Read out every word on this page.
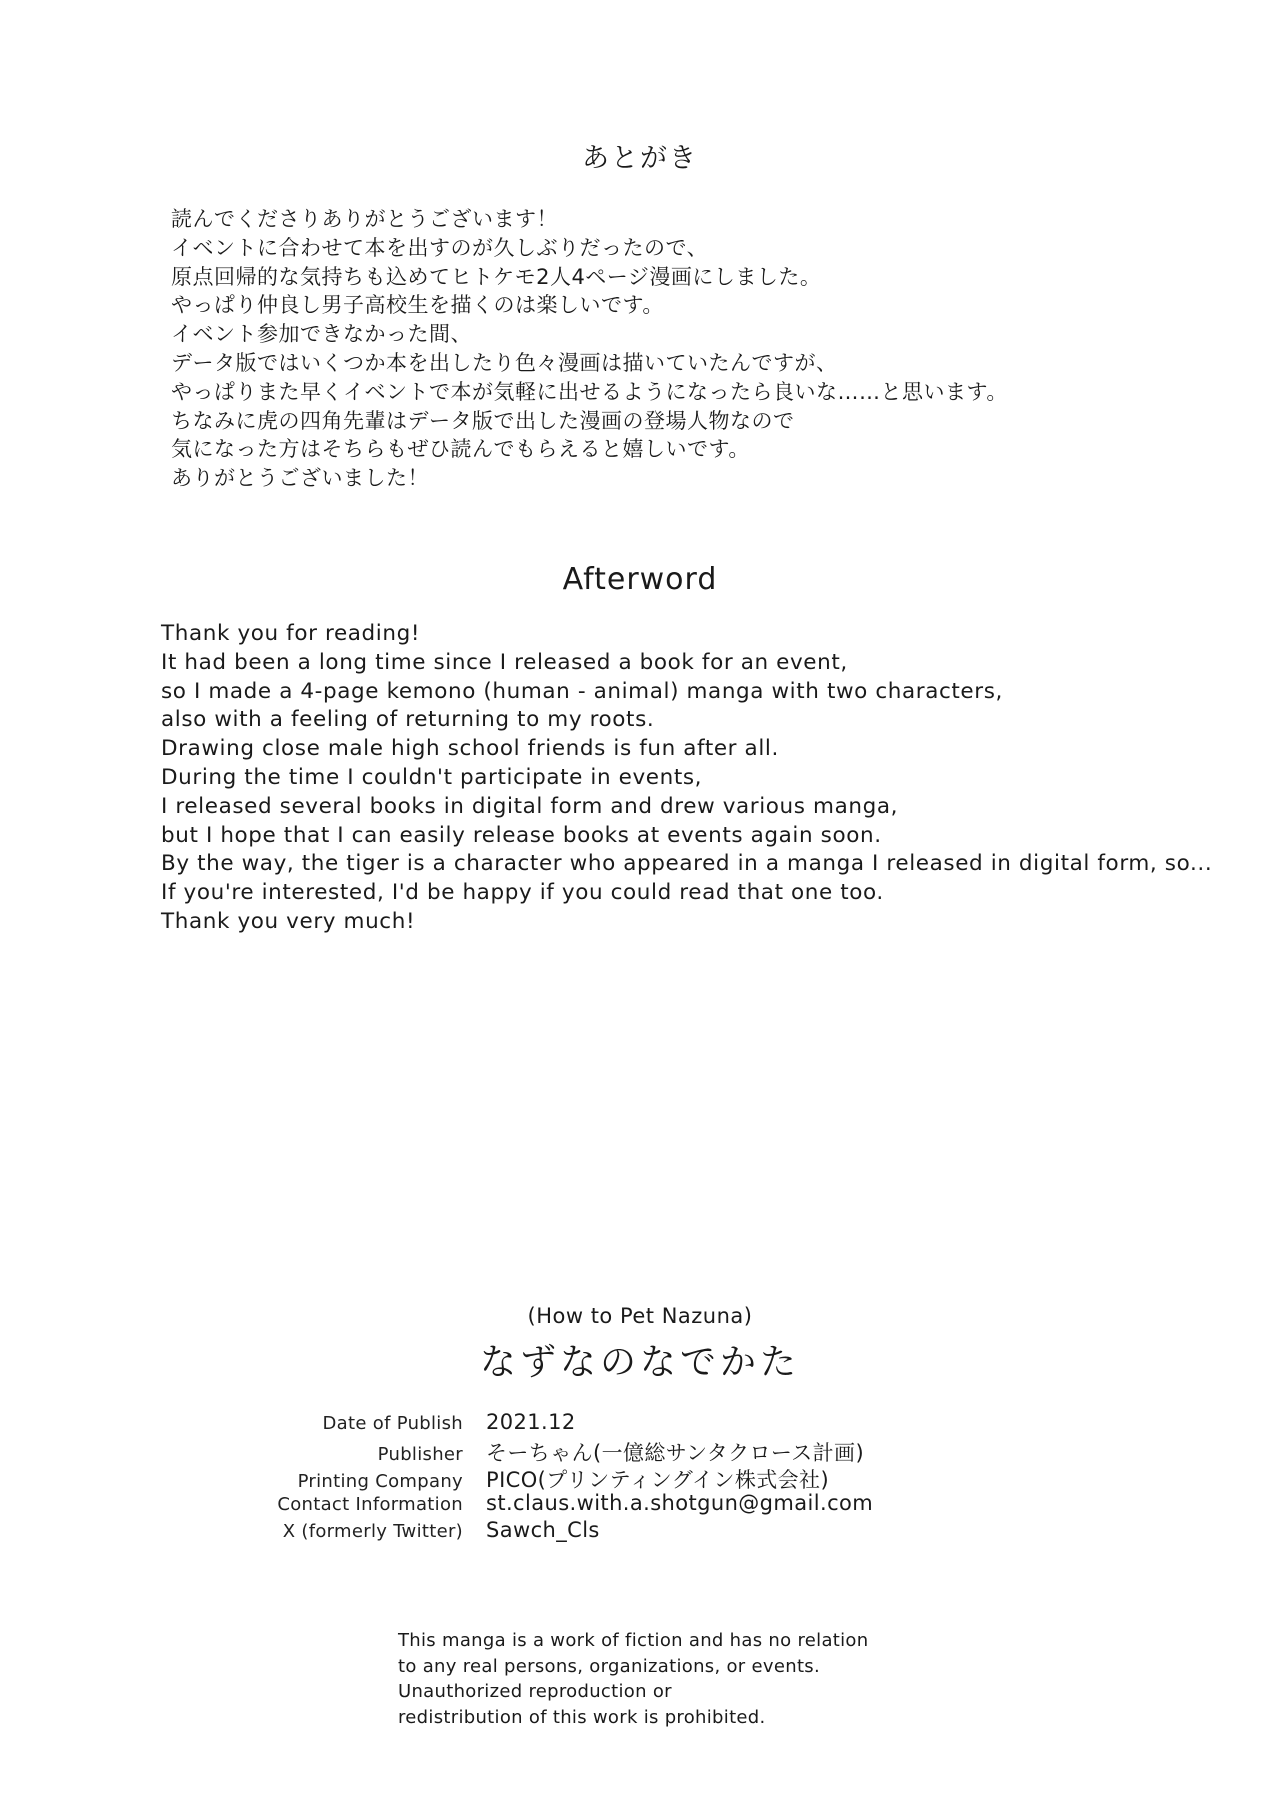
あとがき
読んでくださりありがとうございます！
イベントに合わせて本を出すのが久しぶりだったので、
原点回帰的な気持ちも込めてヒトケモ2人4ページ漫画にしました。
やっぱり仲良し男子高校生を描くのは楽しいです。
イベント参加できなかった間、
データ版ではいくつか本を出したり色々漫画は描いていたんですが、
やっぱりまた早くイベントで本が気軽に出せるようになったら良いな……と思います。
ちなみに虎の四角先輩はデータ版で出した漫画の登場人物なので
気になった方はそちらもぜひ読んでもらえると嬉しいです。
ありがとうございました！
Afterword
Thank you for reading!
It had been a long time since I released a book for an event,
so I made a 4-page kemono (human - animal) manga with two characters,
also with a feeling of returning to my roots.
Drawing close male high school friends is fun after all.
During the time I couldn't participate in events,
I released several books in digital form and drew various manga,
but I hope that I can easily release books at events again soon.
By the way, the tiger is a character who appeared in a manga I released in digital form, so...
If you're interested, I'd be happy if you could read that one too.
Thank you very much!
(How to Pet Nazuna)
なずなのなでかた
Date of Publish 2021.12
Publisher そーちゃん(一億総サンタクロース計画)
Printing Company PICO(プリンティングイン株式会社)
Contact Information st.claus.with.a.shotgun@gmail.com
X (formerly Twitter) Sawch_Cls
This manga is a work of fiction and has no relation
to any real persons, organizations, or events.
Unauthorized reproduction or
redistribution of this work is prohibited.
